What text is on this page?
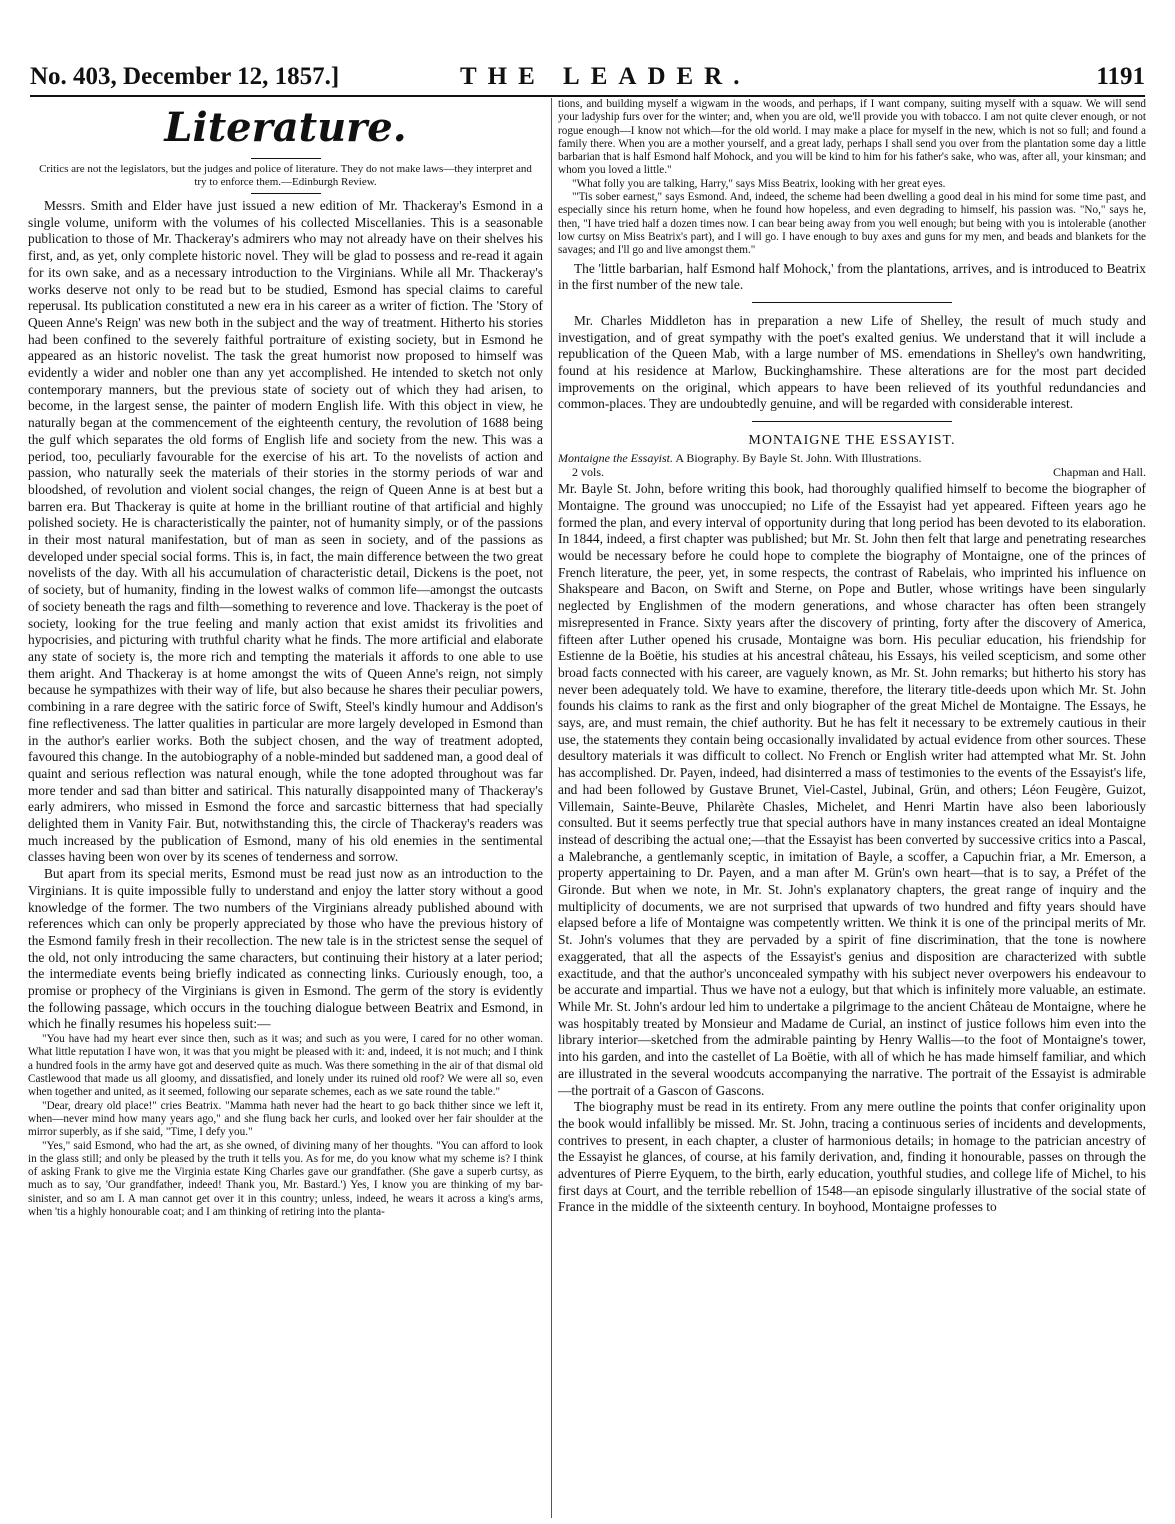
No. 403, December 12, 1857.]	THE LEADER.	1191
Literature.
Critics are not the legislators, but the judges and police of literature. They do not make laws—they interpret and try to enforce them.—Edinburgh Review.

Messrs. Smith and Elder have just issued a new edition of Mr. Thackeray's Esmond in a single volume, uniform with the volumes of his collected Miscellanies. This is a seasonable publication to those of Mr. Thackeray's admirers who may not already have on their shelves his first, and, as yet, only complete historic novel. They will be glad to possess and re-read it again for its own sake, and as a necessary introduction to the Virginians. While all Mr. Thackeray's works deserve not only to be read but to be studied, Esmond has special claims to careful reperusal. Its publication constituted a new era in his career as a writer of fiction. The 'Story of Queen Anne's Reign' was new both in the subject and the way of treatment. Hitherto his stories had been confined to the severely faithful portraiture of existing society, but in Esmond he appeared as an historic novelist. The task the great humorist now proposed to himself was evidently a wider and nobler one than any yet accomplished. He intended to sketch not only contemporary manners, but the previous state of society out of which they had arisen, to become, in the largest sense, the painter of modern English life. With this object in view, he naturally began at the commencement of the eighteenth century, the revolution of 1688 being the gulf which separates the old forms of English life and society from the new. This was a period, too, peculiarly favourable for the exercise of his art. To the novelists of action and passion, who naturally seek the materials of their stories in the stormy periods of war and bloodshed, of revolution and violent social changes, the reign of Queen Anne is at best but a barren era. But Thackeray is quite at home in the brilliant routine of that artificial and highly polished society. He is characteristically the painter, not of humanity simply, or of the passions in their most natural manifestation, but of man as seen in society, and of the passions as developed under special social forms. This is, in fact, the main difference between the two great novelists of the day. With all his accumulation of characteristic detail, Dickens is the poet, not of society, but of humanity, finding in the lowest walks of common life—amongst the outcasts of society beneath the rags and filth—something to reverence and love. Thackeray is the poet of society, looking for the true feeling and manly action that exist amidst its frivolities and hypocrisies, and picturing with truthful charity what he finds. The more artificial and elaborate any state of society is, the more rich and tempting the materials it affords to one able to use them aright. And Thackeray is at home amongst the wits of Queen Anne's reign, not simply because he sympathizes with their way of life, but also because he shares their peculiar powers, combining in a rare degree with the satiric force of Swift, Steel's kindly humour and Addison's fine reflectiveness. The latter qualities in particular are more largely developed in Esmond than in the author's earlier works. Both the subject chosen, and the way of treatment adopted, favoured this change. In the autobiography of a noble-minded but saddened man, a good deal of quaint and serious reflection was natural enough, while the tone adopted throughout was far more tender and sad than bitter and satirical. This naturally disappointed many of Thackeray's early admirers, who missed in Esmond the force and sarcastic bitterness that had specially delighted them in Vanity Fair. But, notwithstanding this, the circle of Thackeray's readers was much increased by the publication of Esmond, many of his old enemies in the sentimental classes having been won over by its scenes of tenderness and sorrow.

But apart from its special merits, Esmond must be read just now as an introduction to the Virginians. It is quite impossible fully to understand and enjoy the latter story without a good knowledge of the former. The two numbers of the Virginians already published abound with references which can only be properly appreciated by those who have the previous history of the Esmond family fresh in their recollection. The new tale is in the strictest sense the sequel of the old, not only introducing the same characters, but continuing their history at a later period; the intermediate events being briefly indicated as connecting links. Curiously enough, too, a promise or prophecy of the Virginians is given in Esmond. The germ of the story is evidently the following passage, which occurs in the touching dialogue between Beatrix and Esmond, in which he finally resumes his hopeless suit:—

"You have had my heart ever since then, such as it was; and such as you were, I cared for no other woman. What little reputation I have won, it was that you might be pleased with it: and, indeed, it is not much; and I think a hundred fools in the army have got and deserved quite as much. Was there something in the air of that dismal old Castlewood that made us all gloomy, and dissatisfied, and lonely under its ruined old roof? We were all so, even when together and united, as it seemed, following our separate schemes, each as we sate round the table."

"Dear, dreary old place!" cries Beatrix. "Mamma hath never had the heart to go back thither since we left it, when—never mind how many years ago," and she flung back her curls, and looked over her fair shoulder at the mirror superbly, as if she said, "Time, I defy you."

"Yes," said Esmond, who had the art, as she owned, of divining many of her thoughts. "You can afford to look in the glass still; and only be pleased by the truth it tells you. As for me, do you know what my scheme is? I think of asking Frank to give me the Virginia estate King Charles gave our grandfather. (She gave a superb curtsy, as much as to say, 'Our grandfather, indeed! Thank you, Mr. Bastard.') Yes, I know you are thinking of my bar-sinister, and so am I. A man cannot get over it in this country; unless, indeed, he wears it across a king's arms, when 'tis a highly honourable coat; and I am thinking of retiring into the planta-

tions, and building myself a wigwam in the woods, and perhaps, if I want company, suiting myself with a squaw. We will send your ladyship furs over for the winter; and, when you are old, we'll provide you with tobacco. I am not quite clever enough, or not rogue enough—I know not which—for the old world. I may make a place for myself in the new, which is not so full; and found a family there. When you are a mother yourself, and a great lady, perhaps I shall send you over from the plantation some day a little barbarian that is half Esmond half Mohock, and you will be kind to him for his father's sake, who was, after all, your kinsman; and whom you loved a little."

"What folly you are talking, Harry," says Miss Beatrix, looking with her great eyes.

"'Tis sober earnest," says Esmond. And, indeed, the scheme had been dwelling a good deal in his mind for some time past, and especially since his return home, when he found how hopeless, and even degrading to himself, his passion was. "No," says he, then, "I have tried half a dozen times now. I can bear being away from you well enough; but being with you is intolerable (another low curtsy on Miss Beatrix's part), and I will go. I have enough to buy axes and guns for my men, and beads and blankets for the savages; and I'll go and live amongst them."

The 'little barbarian, half Esmond half Mohock,' from the plantations, arrives, and is introduced to Beatrix in the first number of the new tale.

Mr. Charles Middleton has in preparation a new Life of Shelley, the result of much study and investigation, and of great sympathy with the poet's exalted genius. We understand that it will include a republication of the Queen Mab, with a large number of MS. emendations in Shelley's own handwriting, found at his residence at Marlow, Buckinghamshire. These alterations are for the most part decided improvements on the original, which appears to have been relieved of its youthful redundancies and common-places. They are undoubtedly genuine, and will be regarded with considerable interest.

MONTAIGNE THE ESSAYIST.
Montaigne the Essayist. A Biography. By Bayle St. John. With Illustrations.
2 vols.	Chapman and Hall.

Mr. Bayle St. John, before writing this book, had thoroughly qualified himself to become the biographer of Montaigne. The ground was unoccupied; no Life of the Essayist had yet appeared. Fifteen years ago he formed the plan, and every interval of opportunity during that long period has been devoted to its elaboration. In 1844, indeed, a first chapter was published; but Mr. St. John then felt that large and penetrating researches would be necessary before he could hope to complete the biography of Montaigne, one of the princes of French literature, the peer, yet, in some respects, the contrast of Rabelais, who imprinted his influence on Shakspeare and Bacon, on Swift and Sterne, on Pope and Butler, whose writings have been singularly neglected by Englishmen of the modern generations, and whose character has often been strangely misrepresented in France. Sixty years after the discovery of printing, forty after the discovery of America, fifteen after Luther opened his crusade, Montaigne was born. His peculiar education, his friendship for Estienne de la Boëtie, his studies at his ancestral château, his Essays, his veiled scepticism, and some other broad facts connected with his career, are vaguely known, as Mr. St. John remarks; but hitherto his story has never been adequately told. We have to examine, therefore, the literary title-deeds upon which Mr. St. John founds his claims to rank as the first and only biographer of the great Michel de Montaigne. The Essays, he says, are, and must remain, the chief authority. But he has felt it necessary to be extremely cautious in their use, the statements they contain being occasionally invalidated by actual evidence from other sources. These desultory materials it was difficult to collect. No French or English writer had attempted what Mr. St. John has accomplished. Dr. Payen, indeed, had disinterred a mass of testimonies to the events of the Essayist's life, and had been followed by Gustave Brunet, Viel-Castel, Jubinal, Grün, and others; Léon Feugère, Guizot, Villemain, Sainte-Beuve, Philarète Chasles, Michelet, and Henri Martin have also been laboriously consulted. But it seems perfectly true that special authors have in many instances created an ideal Montaigne instead of describing the actual one;—that the Essayist has been converted by successive critics into a Pascal, a Malebranche, a gentlemanly sceptic, in imitation of Bayle, a scoffer, a Capuchin friar, a Mr. Emerson, a property appertaining to Dr. Payen, and a man after M. Grün's own heart—that is to say, a Préfet of the Gironde. But when we note, in Mr. St. John's explanatory chapters, the great range of inquiry and the multiplicity of documents, we are not surprised that upwards of two hundred and fifty years should have elapsed before a life of Montaigne was competently written. We think it is one of the principal merits of Mr. St. John's volumes that they are pervaded by a spirit of fine discrimination, that the tone is nowhere exaggerated, that all the aspects of the Essayist's genius and disposition are characterized with subtle exactitude, and that the author's unconcealed sympathy with his subject never overpowers his endeavour to be accurate and impartial. Thus we have not a eulogy, but that which is infinitely more valuable, an estimate. While Mr. St. John's ardour led him to undertake a pilgrimage to the ancient Château de Montaigne, where he was hospitably treated by Monsieur and Madame de Curial, an instinct of justice follows him even into the library interior—sketched from the admirable painting by Henry Wallis—to the foot of Montaigne's tower, into his garden, and into the castellet of La Boëtie, with all of which he has made himself familiar, and which are illustrated in the several woodcuts accompanying the narrative. The portrait of the Essayist is admirable—the portrait of a Gascon of Gascons.

The biography must be read in its entirety. From any mere outline the points that confer originality upon the book would infallibly be missed. Mr. St. John, tracing a continuous series of incidents and developments, contrives to present, in each chapter, a cluster of harmonious details; in homage to the patrician ancestry of the Essayist he glances, of course, at his family derivation, and, finding it honourable, passes on through the adventures of Pierre Eyquem, to the birth, early education, youthful studies, and college life of Michel, to his first days at Court, and the terrible rebellion of 1548—an episode singularly illustrative of the social state of France in the middle of the sixteenth century. In boyhood, Montaigne professes to
